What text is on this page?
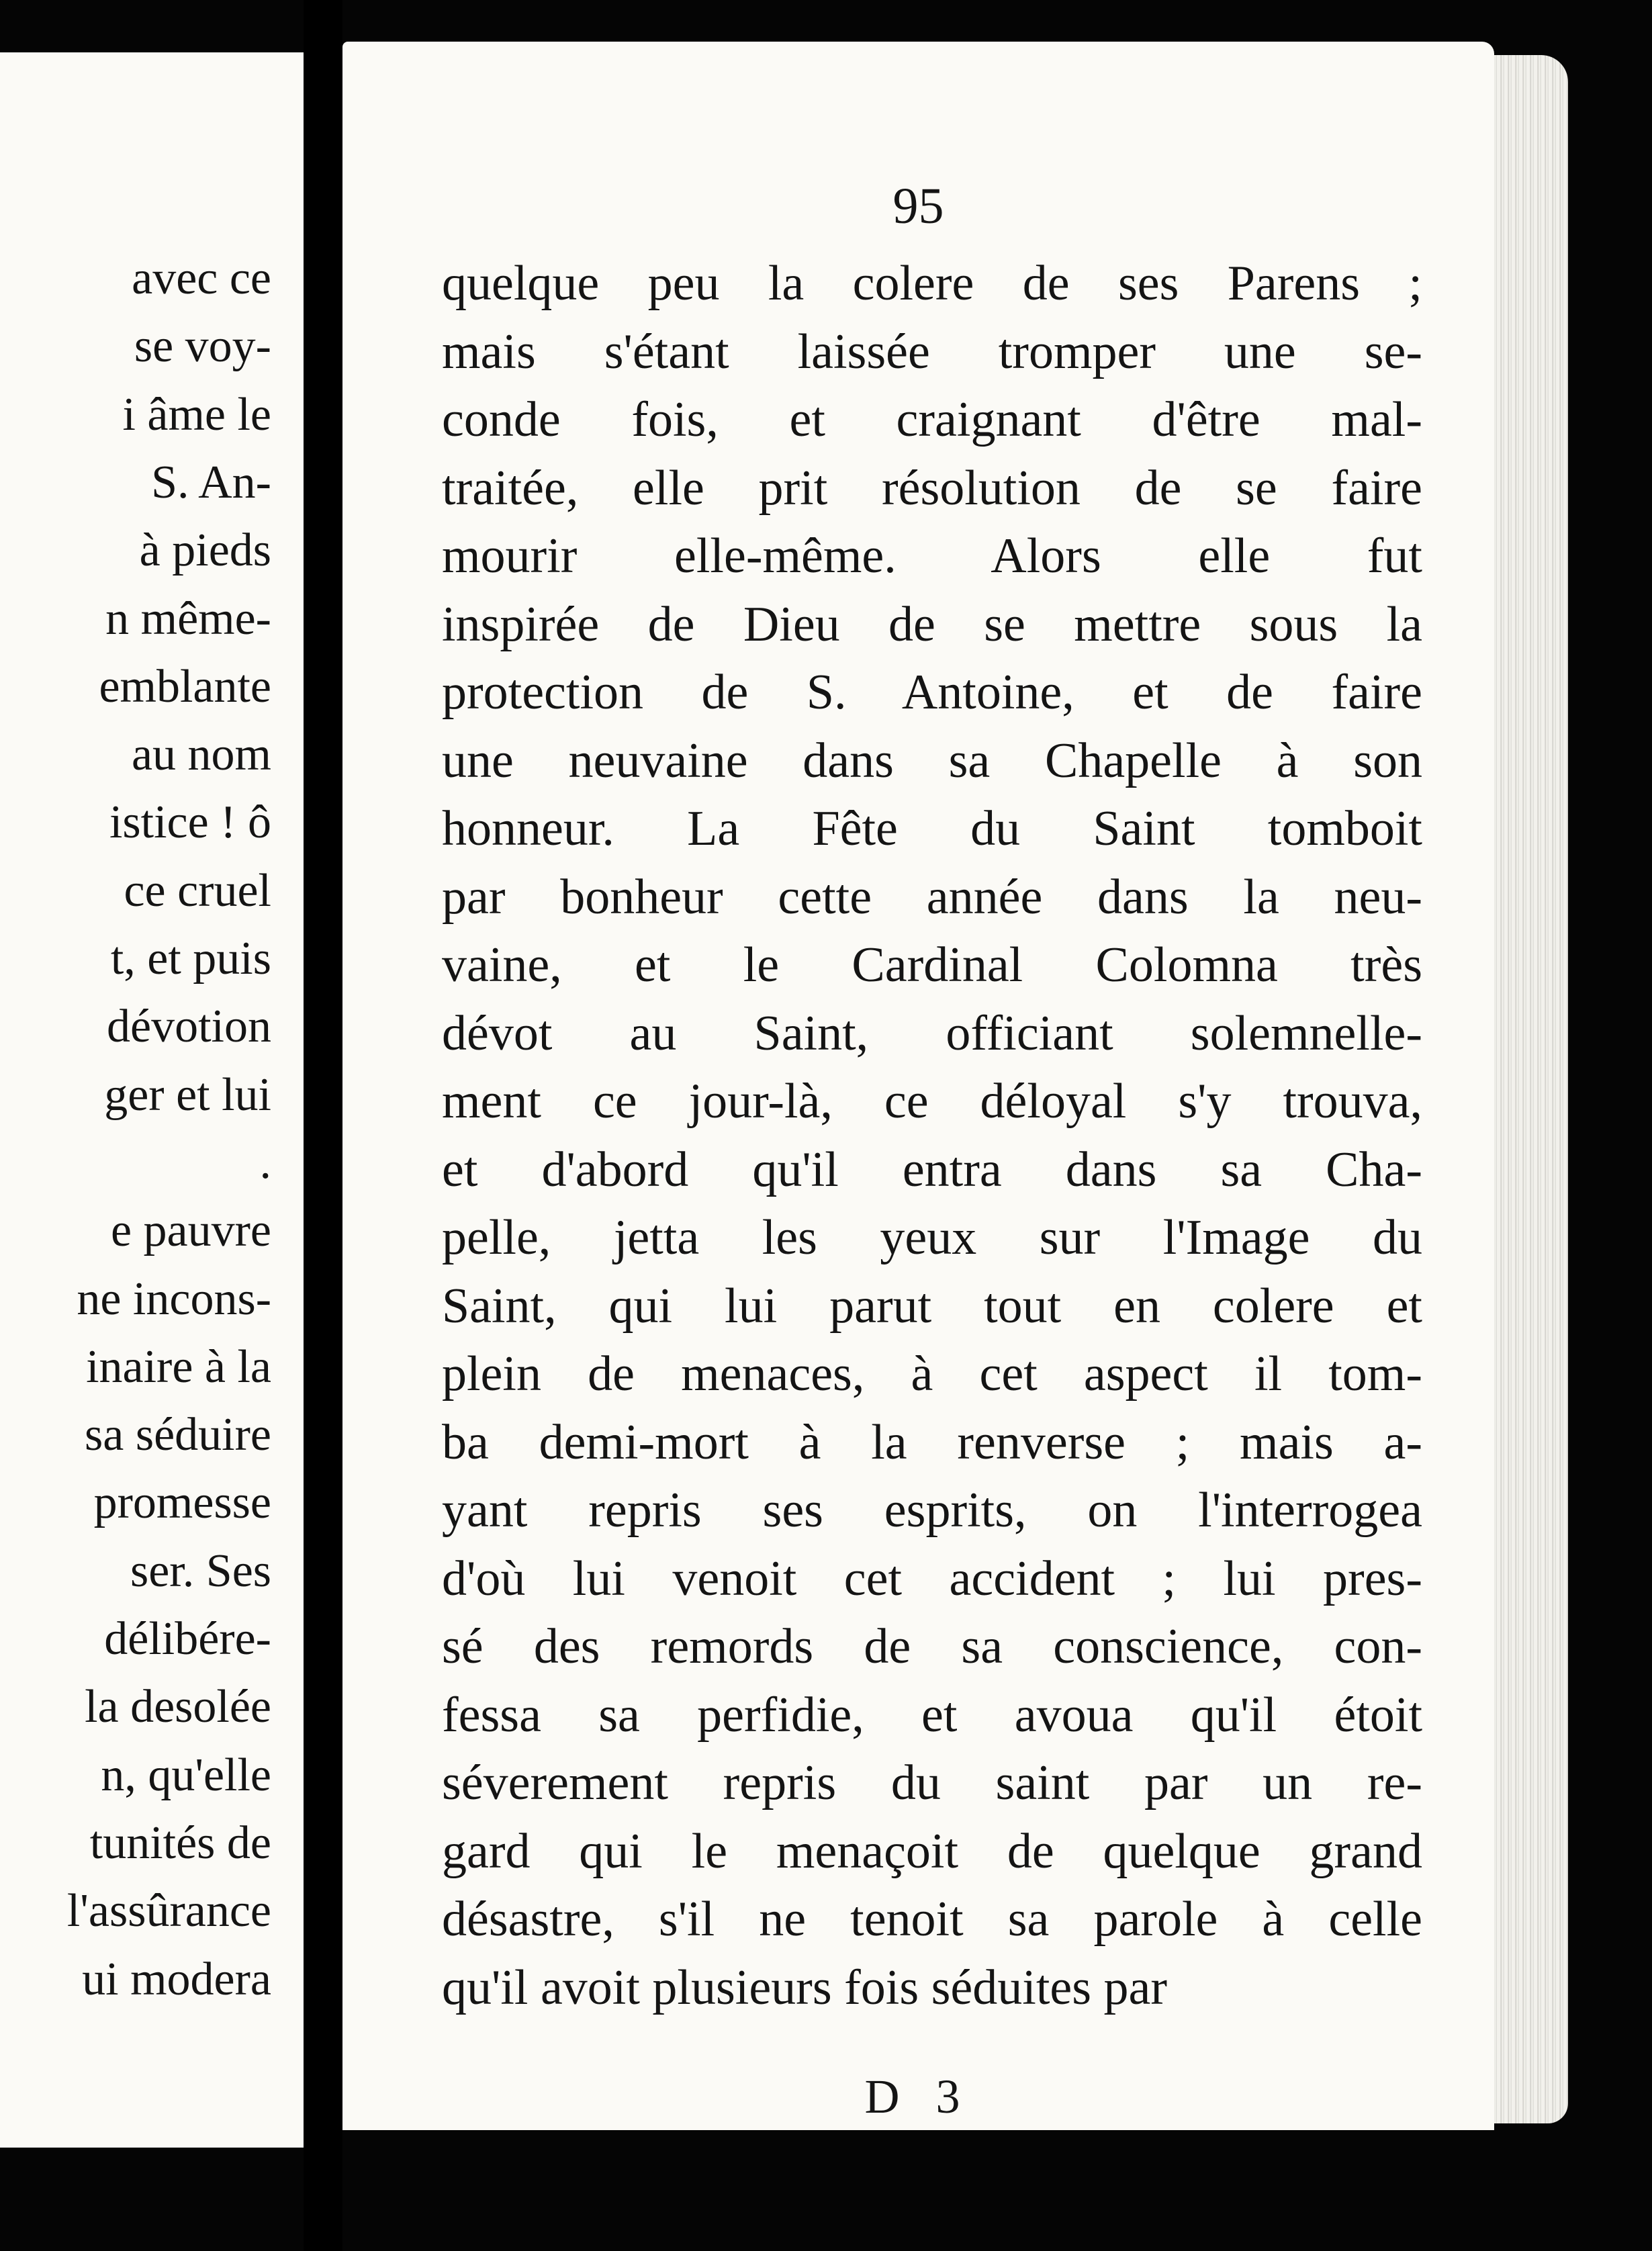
avec ce
se voy-
i âme le
S. An-
à pieds
n même-
emblante
au nom
istice ! ô
ce cruel
t, et puis
dévotion
ger et lui
.
e pauvre
ne incons-
inaire à la
sa séduire
promesse
ser. Ses
délibére-
la desolée
n, qu'elle
tunités de
l'assûrance
ui modera
95
D 3
quelque peu la colere de ses Parens ;
mais s'étant laissée tromper une se-
conde fois, et craignant d'être mal-
traitée, elle prit résolution de se faire
mourir elle-même. Alors elle fut
inspirée de Dieu de se mettre sous la
protection de S. Antoine, et de faire
une neuvaine dans sa Chapelle à son
honneur. La Fête du Saint tomboit
par bonheur cette année dans la neu-
vaine, et le Cardinal Colomna très
dévot au Saint, officiant solemnelle-
ment ce jour-là, ce déloyal s'y trouva,
et d'abord qu'il entra dans sa Cha-
pelle, jetta les yeux sur l'Image du
Saint, qui lui parut tout en colere et
plein de menaces, à cet aspect il tom-
ba demi-mort à la renverse ; mais a-
yant repris ses esprits, on l'interrogea
d'où lui venoit cet accident ; lui pres-
sé des remords de sa conscience, con-
fessa sa perfidie, et avoua qu'il étoit
séverement repris du saint par un re-
gard qui le menaçoit de quelque grand
désastre, s'il ne tenoit sa parole à celle
qu'il avoit plusieurs fois séduites par
